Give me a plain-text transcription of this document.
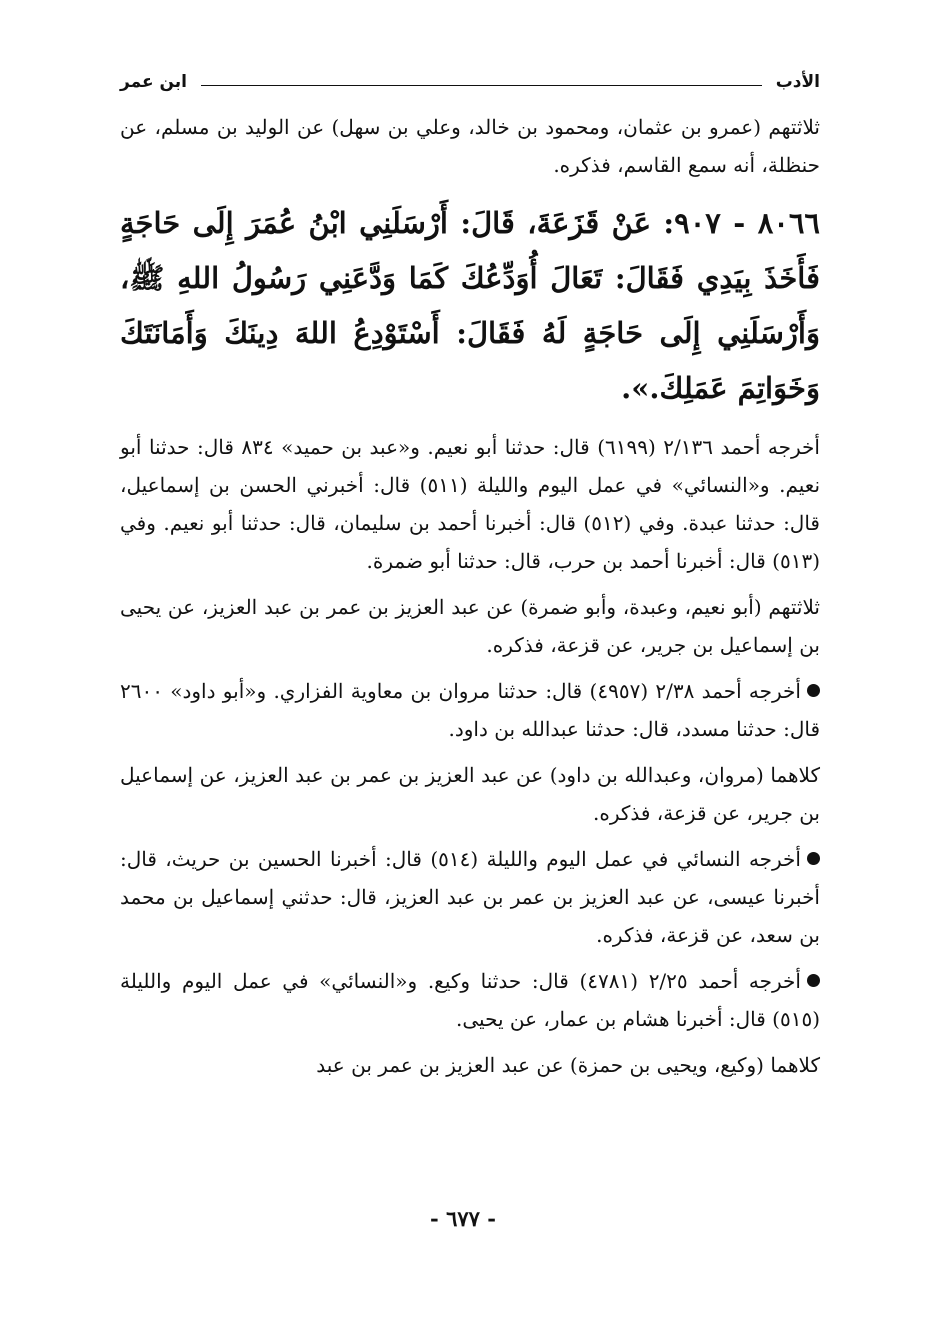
الأدب
ابن عمر

ثلاثتهم (عمرو بن عثمان، ومحمود بن خالد، وعلي بن سهل) عن الوليد بن مسلم، عن حنظلة، أنه سمع القاسم، فذكره.

٨٠٦٦ - ٩٠٧: عَنْ قَزَعَةَ، قَالَ: أَرْسَلَنِي ابْنُ عُمَرَ إِلَى حَاجَةٍ فَأَخَذَ بِيَدِي فَقَالَ: تَعَالَ أُوَدِّعُكَ كَمَا وَدَّعَنِي رَسُولُ اللهِ ﷺ، وَأَرْسَلَنِي إِلَى حَاجَةٍ لَهُ فَقَالَ: أَسْتَوْدِعُ اللهَ دِينَكَ وَأَمَانَتَكَ وَخَوَاتِمَ عَمَلِكَ.».

أخرجه أحمد ٢/١٣٦ (٦١٩٩) قال: حدثنا أبو نعيم. و«عبد بن حميد» ٨٣٤ قال: حدثنا أبو نعيم. و«النسائي» في عمل اليوم والليلة (٥١١) قال: أخبرني الحسن بن إسماعيل، قال: حدثنا عبدة. وفي (٥١٢) قال: أخبرنا أحمد بن سليمان، قال: حدثنا أبو نعيم. وفي (٥١٣) قال: أخبرنا أحمد بن حرب، قال: حدثنا أبو ضمرة.

ثلاثتهم (أبو نعيم، وعبدة، وأبو ضمرة) عن عبد العزيز بن عمر بن عبد العزيز، عن يحيى بن إسماعيل بن جرير، عن قزعة، فذكره.

أخرجه أحمد ٢/٣٨ (٤٩٥٧) قال: حدثنا مروان بن معاوية الفزاري. و«أبو داود» ٢٦٠٠ قال: حدثنا مسدد، قال: حدثنا عبدالله بن داود.

كلاهما (مروان، وعبدالله بن داود) عن عبد العزيز بن عمر بن عبد العزيز، عن إسماعيل بن جرير، عن قزعة، فذكره.

أخرجه النسائي في عمل اليوم والليلة (٥١٤) قال: أخبرنا الحسين بن حريث، قال: أخبرنا عيسى، عن عبد العزيز بن عمر بن عبد العزيز، قال: حدثني إسماعيل بن محمد بن سعد، عن قزعة، فذكره.

أخرجه أحمد ٢/٢٥ (٤٧٨١) قال: حدثنا وكيع. و«النسائي» في عمل اليوم والليلة (٥١٥) قال: أخبرنا هشام بن عمار، عن يحيى.

كلاهما (وكيع، ويحيى بن حمزة) عن عبد العزيز بن عمر بن عبد

- ٦٧٧ -
